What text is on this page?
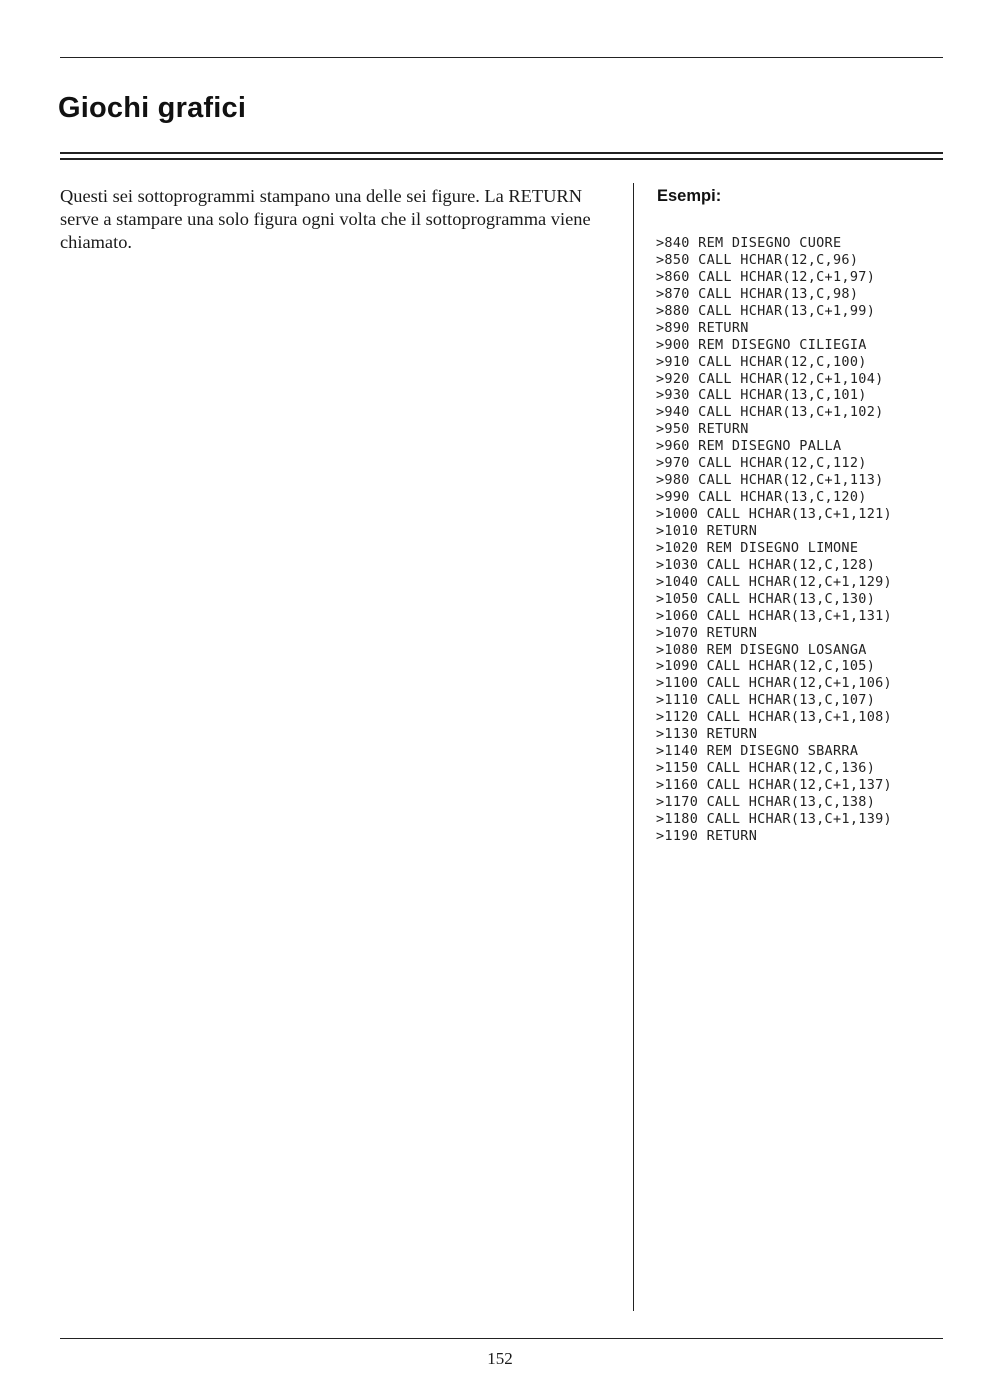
Giochi grafici

Questi sei sottoprogrammi stampano una delle sei figure. La RETURN serve a stampare una solo figura ogni volta che il sottoprogramma viene chiamato.

Esempi:
>840 REM DISEGNO CUORE
>850 CALL HCHAR(12,C,96)
>860 CALL HCHAR(12,C+1,97)
>870 CALL HCHAR(13,C,98)
>880 CALL HCHAR(13,C+1,99)
>890 RETURN
>900 REM DISEGNO CILIEGIA
>910 CALL HCHAR(12,C,100)
>920 CALL HCHAR(12,C+1,104)
>930 CALL HCHAR(13,C,101)
>940 CALL HCHAR(13,C+1,102)
>950 RETURN
>960 REM DISEGNO PALLA
>970 CALL HCHAR(12,C,112)
>980 CALL HCHAR(12,C+1,113)
>990 CALL HCHAR(13,C,120)
>1000 CALL HCHAR(13,C+1,121)
>1010 RETURN
>1020 REM DISEGNO LIMONE
>1030 CALL HCHAR(12,C,128)
>1040 CALL HCHAR(12,C+1,129)
>1050 CALL HCHAR(13,C,130)
>1060 CALL HCHAR(13,C+1,131)
>1070 RETURN
>1080 REM DISEGNO LOSANGA
>1090 CALL HCHAR(12,C,105)
>1100 CALL HCHAR(12,C+1,106)
>1110 CALL HCHAR(13,C,107)
>1120 CALL HCHAR(13,C+1,108)
>1130 RETURN
>1140 REM DISEGNO SBARRA
>1150 CALL HCHAR(12,C,136)
>1160 CALL HCHAR(12,C+1,137)
>1170 CALL HCHAR(13,C,138)
>1180 CALL HCHAR(13,C+1,139)
>1190 RETURN
152
